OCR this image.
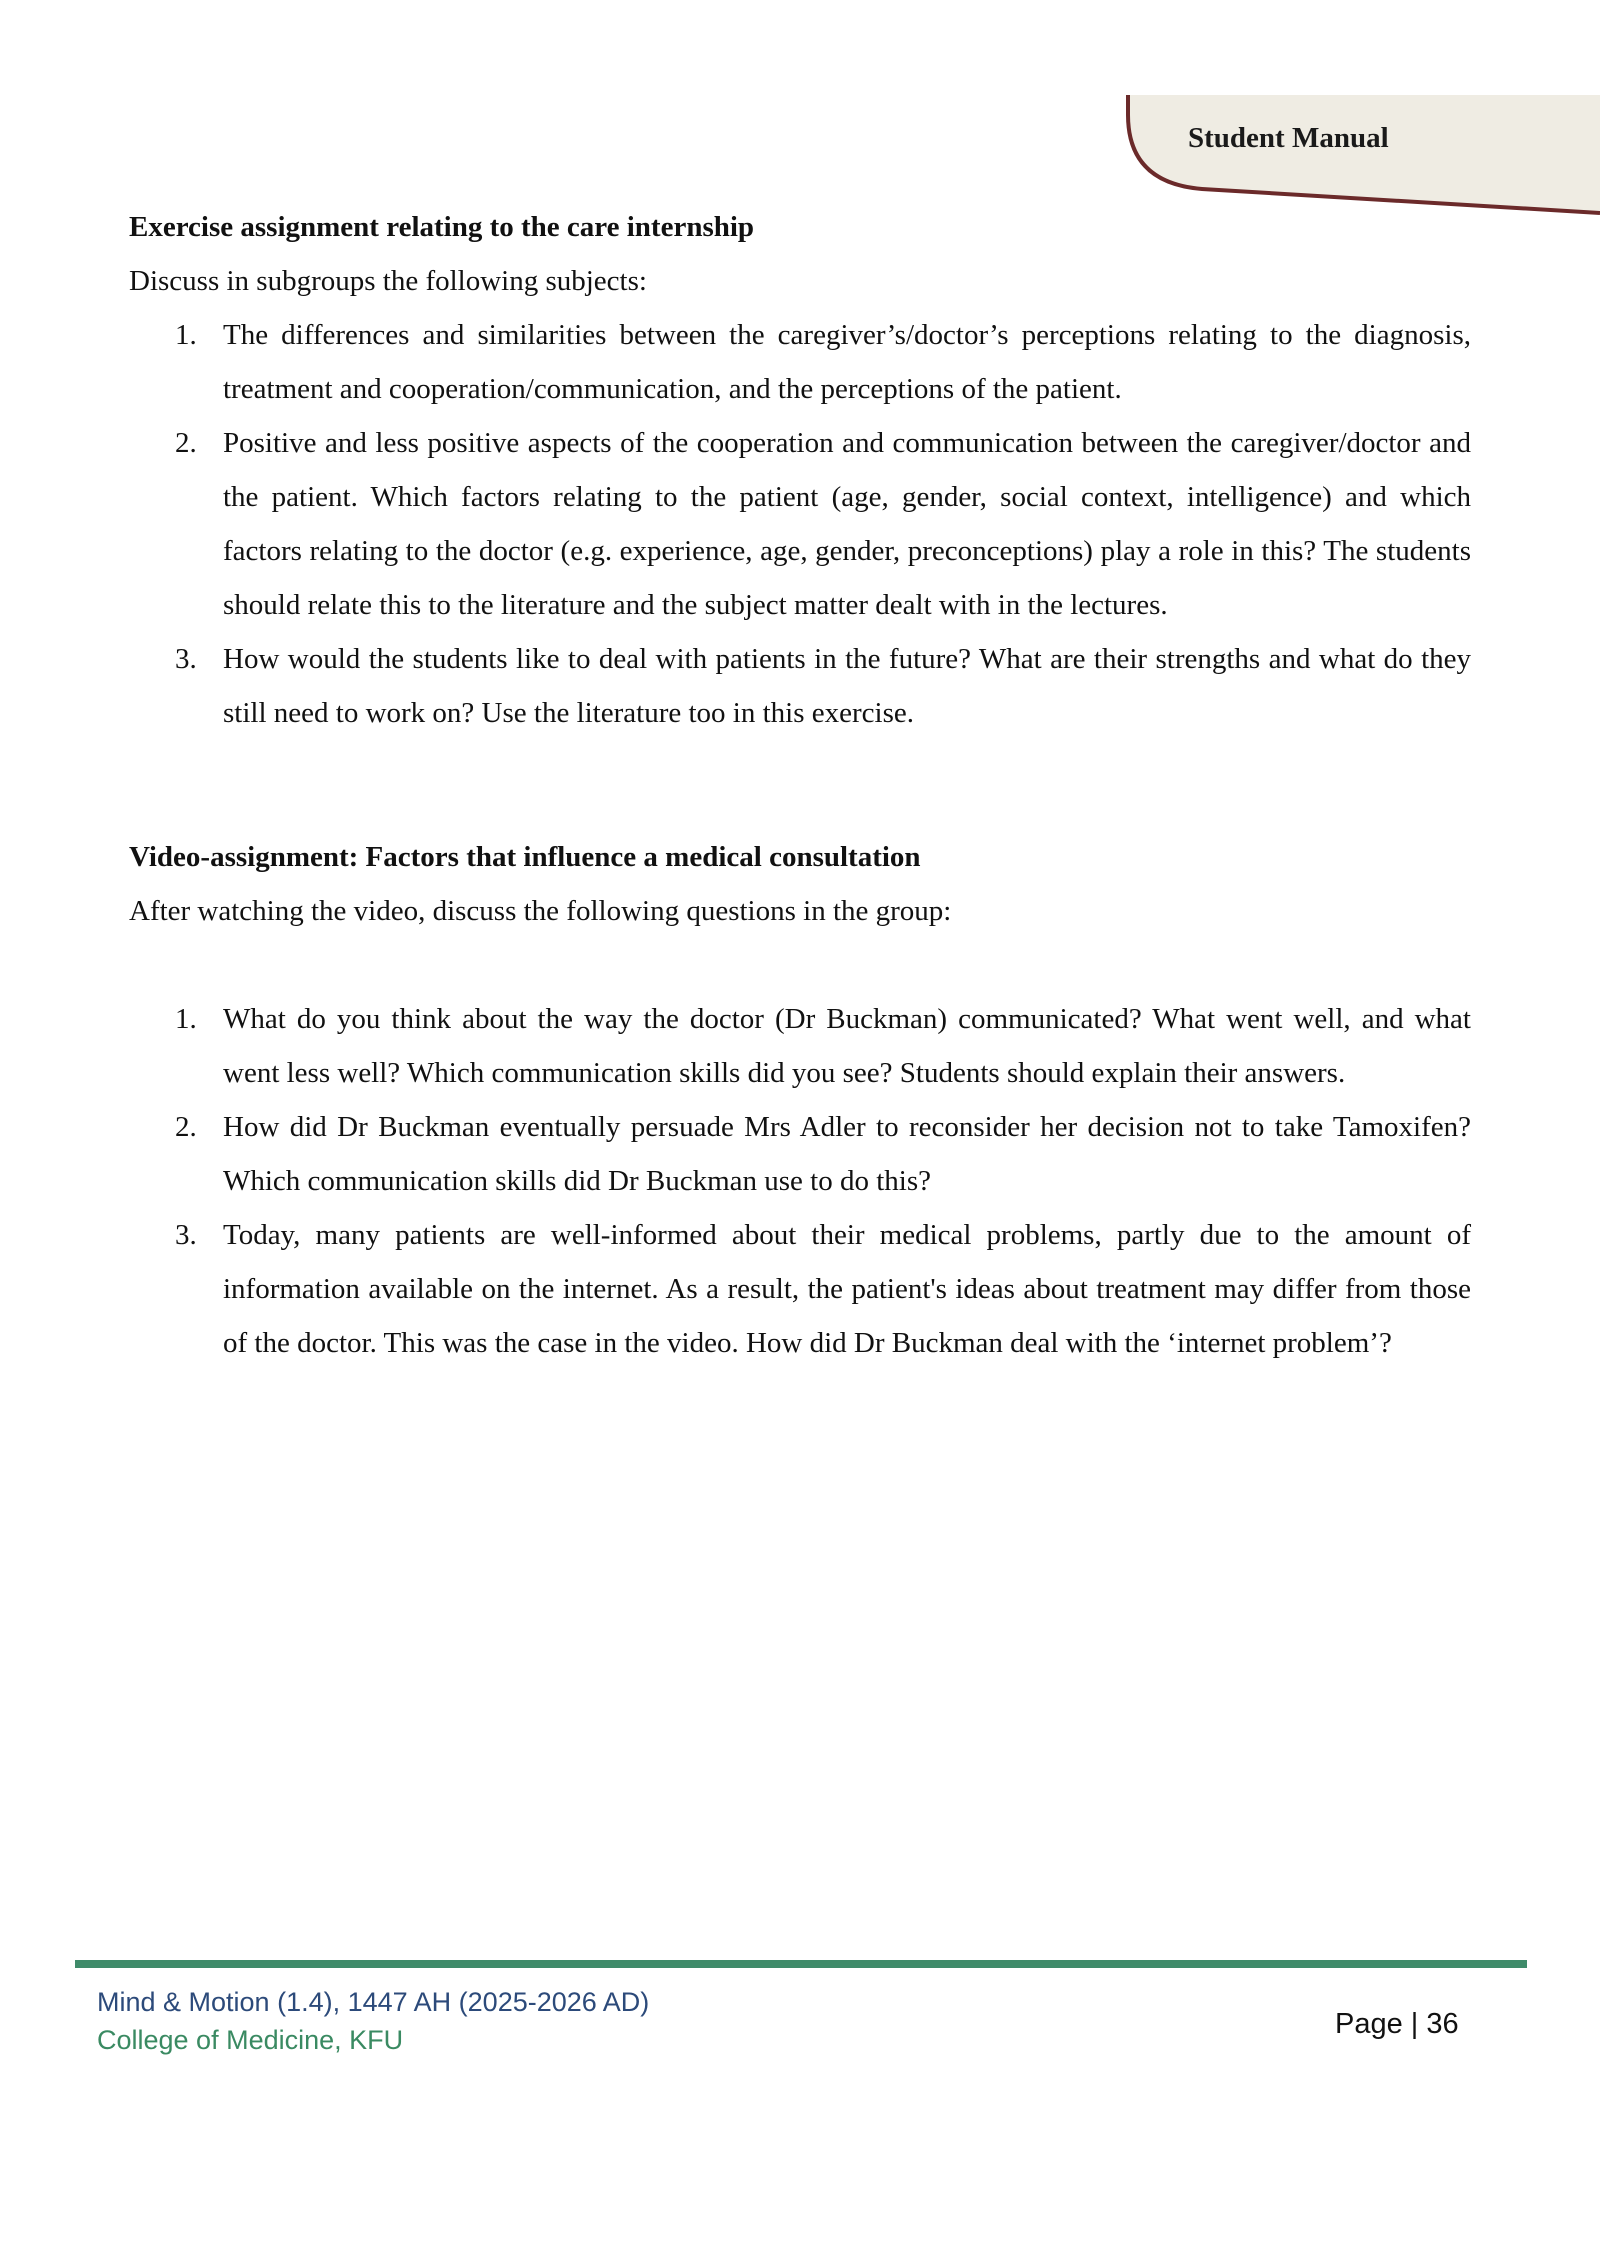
Student Manual

Exercise assignment relating to the care internship

Discuss in subgroups the following subjects:

1. The differences and similarities between the caregiver’s/doctor’s perceptions relating to the diagnosis, treatment and cooperation/communication, and the perceptions of the patient.
2. Positive and less positive aspects of the cooperation and communication between the caregiver/doctor and the patient. Which factors relating to the patient (age, gender, social context, intelligence) and which factors relating to the doctor (e.g. experience, age, gender, preconceptions) play a role in this? The students should relate this to the literature and the subject matter dealt with in the lectures.
3. How would the students like to deal with patients in the future? What are their strengths and what do they still need to work on? Use the literature too in this exercise.

Video-assignment: Factors that influence a medical consultation

After watching the video, discuss the following questions in the group:

1. What do you think about the way the doctor (Dr Buckman) communicated? What went well, and what went less well? Which communication skills did you see? Students should explain their answers.
2. How did Dr Buckman eventually persuade Mrs Adler to reconsider her decision not to take Tamoxifen? Which communication skills did Dr Buckman use to do this?
3. Today, many patients are well-informed about their medical problems, partly due to the amount of information available on the internet. As a result, the patient's ideas about treatment may differ from those of the doctor. This was the case in the video. How did Dr Buckman deal with the ‘internet problem’?
Mind & Motion (1.4), 1447 AH (2025-2026 AD)
College of Medicine, KFU	Page | 36
